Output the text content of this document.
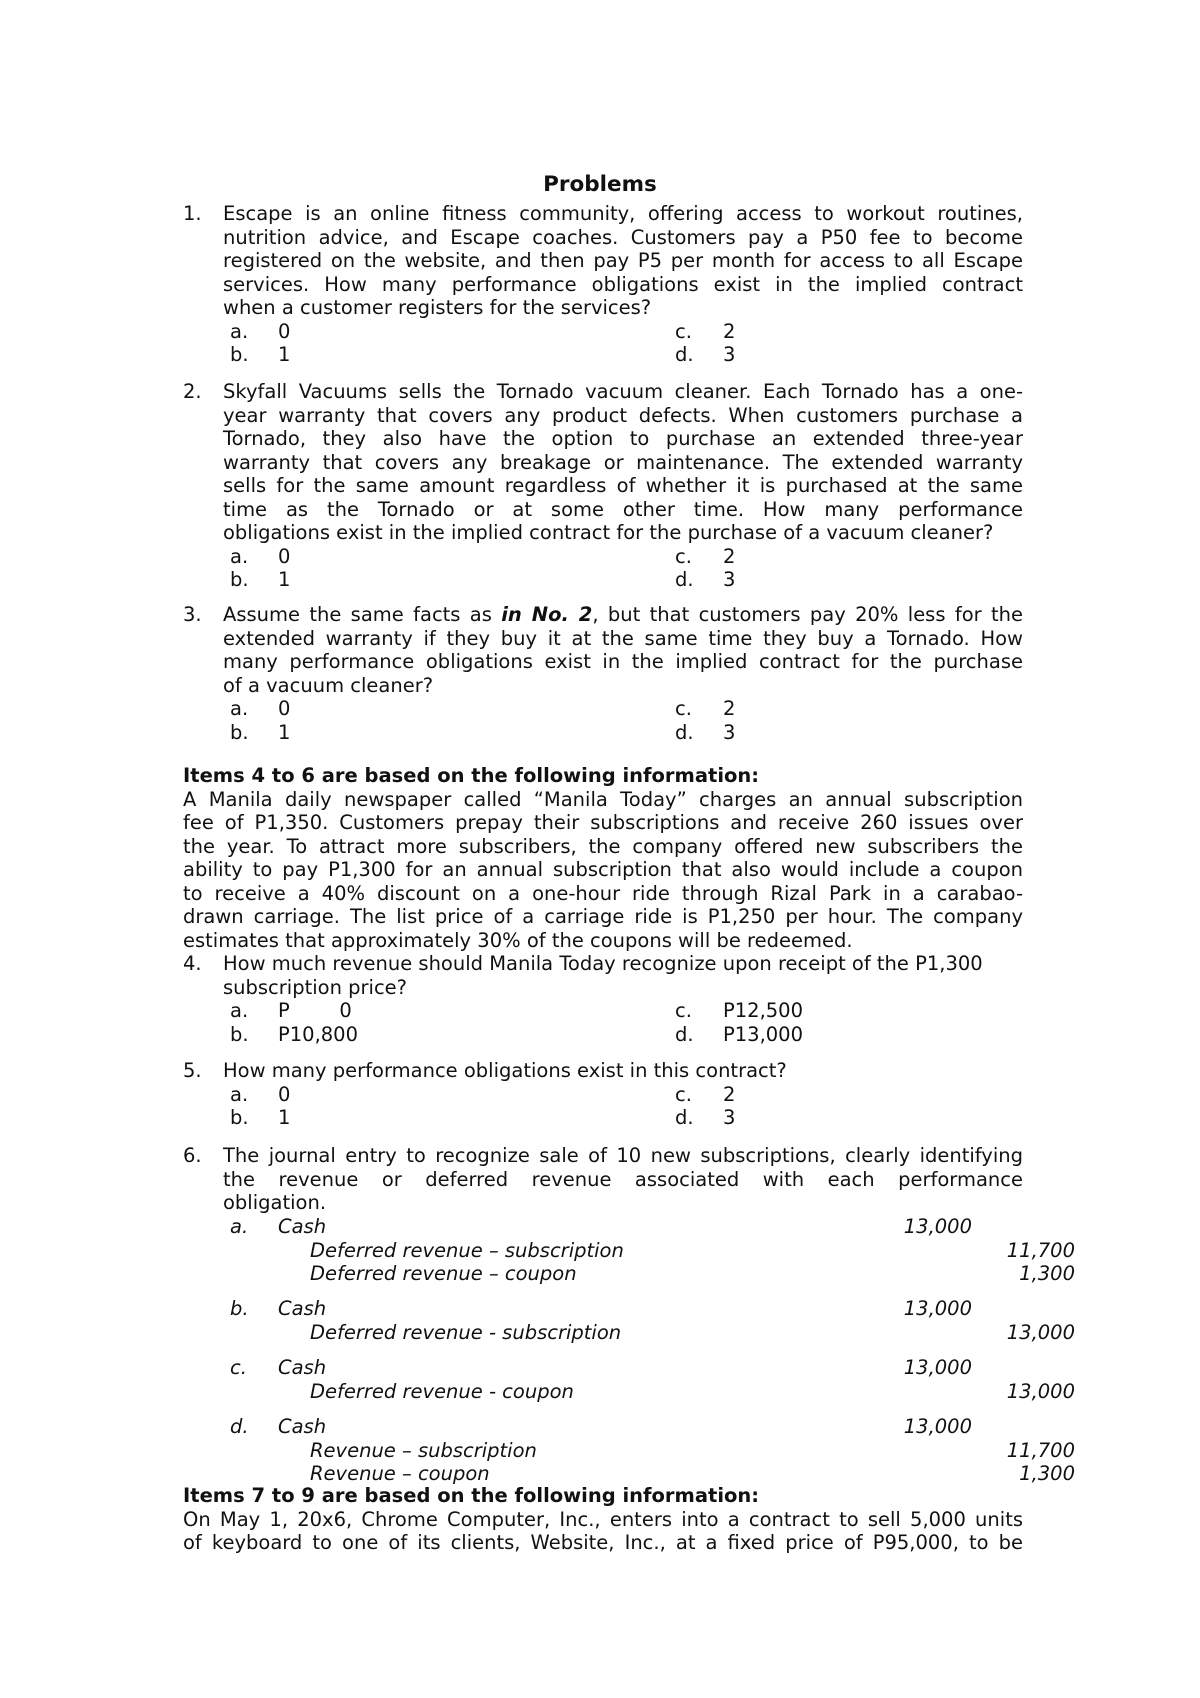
Problems
1. Escape is an online fitness community, offering access to workout routines,
nutrition advice, and Escape coaches. Customers pay a P50 fee to become
registered on the website, and then pay P5 per month for access to all Escape
services. How many performance obligations exist in the implied contract
when a customer registers for the services?
a. 0
b. 1
c. 2
d. 3
2. Skyfall Vacuums sells the Tornado vacuum cleaner. Each Tornado has a one-
year warranty that covers any product defects. When customers purchase a
Tornado, they also have the option to purchase an extended three-year
warranty that covers any breakage or maintenance. The extended warranty
sells for the same amount regardless of whether it is purchased at the same
time as the Tornado or at some other time. How many performance
obligations exist in the implied contract for the purchase of a vacuum cleaner?
a. 0
b. 1
c. 2
d. 3
3. Assume the same facts as in No. 2, but that customers pay 20% less for the
extended warranty if they buy it at the same time they buy a Tornado. How
many performance obligations exist in the implied contract for the purchase
of a vacuum cleaner?
a. 0
b. 1
c. 2
d. 3
Items 4 to 6 are based on the following information:
A Manila daily newspaper called “Manila Today” charges an annual subscription
fee of P1,350. Customers prepay their subscriptions and receive 260 issues over
the year. To attract more subscribers, the company offered new subscribers the
ability to pay P1,300 for an annual subscription that also would include a coupon
to receive a 40% discount on a one-hour ride through Rizal Park in a carabao-
drawn carriage. The list price of a carriage ride is P1,250 per hour. The company
estimates that approximately 30% of the coupons will be redeemed.
4. How much revenue should Manila Today recognize upon receipt of the P1,300
subscription price?
a. P        0
b. P10,800
c. P12,500
d. P13,000
5. How many performance obligations exist in this contract?
a. 0
b. 1
c. 2
d. 3
6. The journal entry to recognize sale of 10 new subscriptions, clearly identifying
the revenue or deferred revenue associated with each performance
obligation.
a. Cash	13,000
Deferred revenue – subscription	11,700
Deferred revenue – coupon	1,300
b. Cash	13,000
Deferred revenue - subscription	13,000
c. Cash	13,000
Deferred revenue - coupon	13,000
d. Cash	13,000
Revenue – subscription	11,700
Revenue – coupon	1,300
Items 7 to 9 are based on the following information:
On May 1, 20x6, Chrome Computer, Inc., enters into a contract to sell 5,000 units
of keyboard to one of its clients, Website, Inc., at a fixed price of P95,000, to be
